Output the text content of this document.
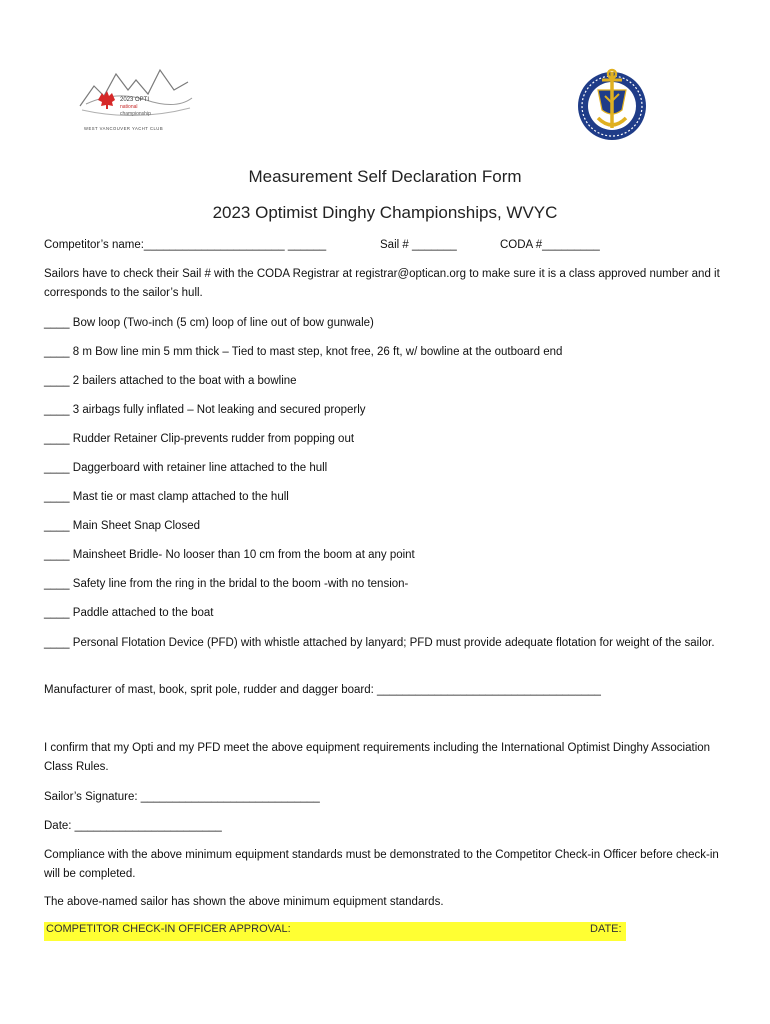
2023 OPTI
national
championship
WEST VANCOUVER YACHT CLUB
Measurement Self Declaration Form
2023 Optimist Dinghy Championships, WVYC
Competitor’s name:______________________ ______	Sail # _______	CODA #_________
Sailors have to check their Sail # with the CODA Registrar at registrar@optican.org to make sure it is a class approved number and it corresponds to the sailor’s hull.
____ Bow loop (Two-inch (5 cm) loop of line out of bow gunwale)
____ 8 m Bow line min 5 mm thick – Tied to mast step, knot free, 26 ft, w/ bowline at the outboard end
____ 2 bailers attached to the boat with a bowline
____ 3 airbags fully inflated – Not leaking and secured properly
____ Rudder Retainer Clip-prevents rudder from popping out
____ Daggerboard with retainer line attached to the hull
____ Mast tie or mast clamp attached to the hull
____ Main Sheet Snap Closed
____ Mainsheet Bridle- No looser than 10 cm from the boom at any point
____ Safety line from the ring in the bridal to the boom -with no tension-
____ Paddle attached to the boat
____ Personal Flotation Device (PFD) with whistle attached by lanyard; PFD must provide adequate flotation for weight of the sailor.
Manufacturer of mast, book, sprit pole, rudder and dagger board: ___________________________________
I confirm that my Opti and my PFD meet the above equipment requirements including the International Optimist Dinghy Association Class Rules.
Sailor’s Signature: ____________________________
Date: _______________________
Compliance with the above minimum equipment standards must be demonstrated to the Competitor Check-in Officer before check-in will be completed.
The above-named sailor has shown the above minimum equipment standards.
COMPETITOR CHECK-IN OFFICER APPROVAL:	DATE:
